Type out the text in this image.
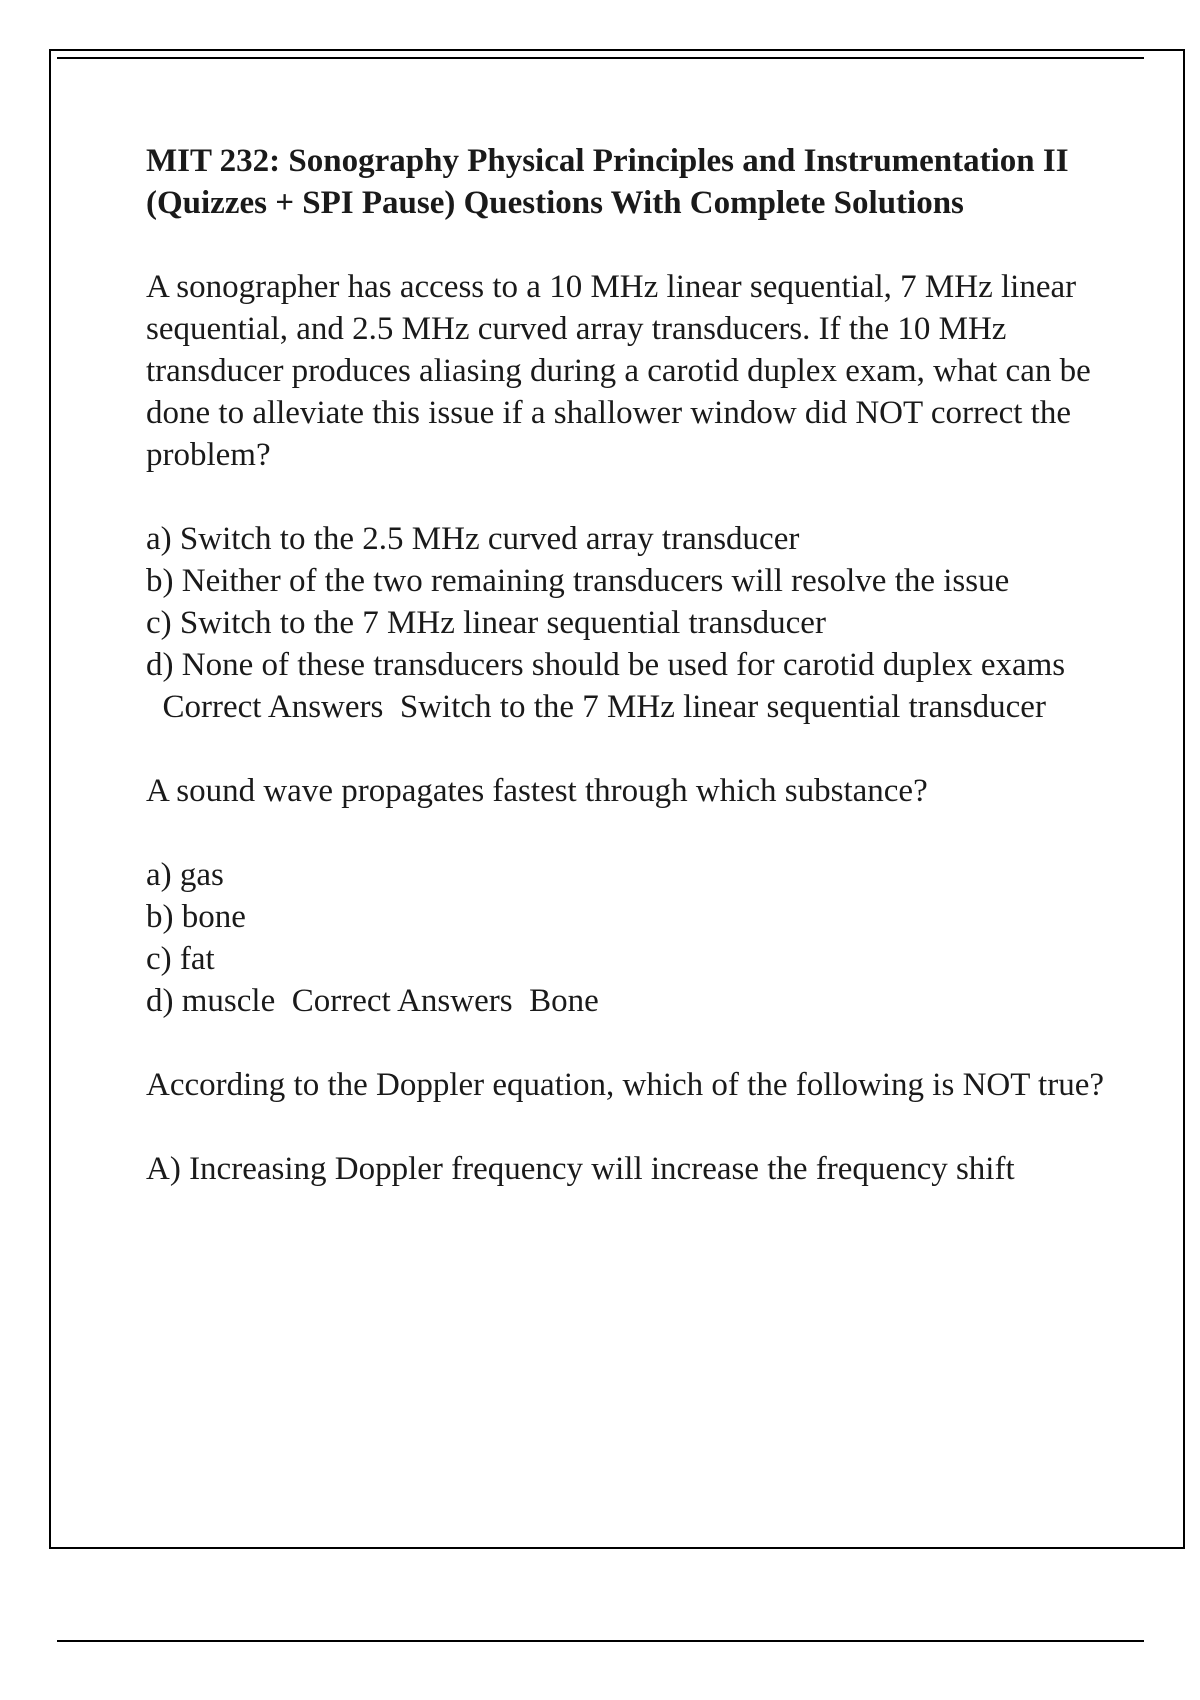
MIT 232: Sonography Physical Principles and Instrumentation II (Quizzes + SPI Pause) Questions With Complete Solutions
A sonographer has access to a 10 MHz linear sequential, 7 MHz linear sequential, and 2.5 MHz curved array transducers. If the 10 MHz transducer produces aliasing during a carotid duplex exam, what can be done to alleviate this issue if a shallower window did NOT correct the problem?
a) Switch to the 2.5 MHz curved array transducer
b) Neither of the two remaining transducers will resolve the issue
c) Switch to the 7 MHz linear sequential transducer
d) None of these transducers should be used for carotid duplex exams  Correct Answers Switch to the 7 MHz linear sequential transducer
A sound wave propagates fastest through which substance?
a) gas
b) bone
c) fat
d) muscle Correct Answers Bone
According to the Doppler equation, which of the following is NOT true?
A) Increasing Doppler frequency will increase the frequency shift
